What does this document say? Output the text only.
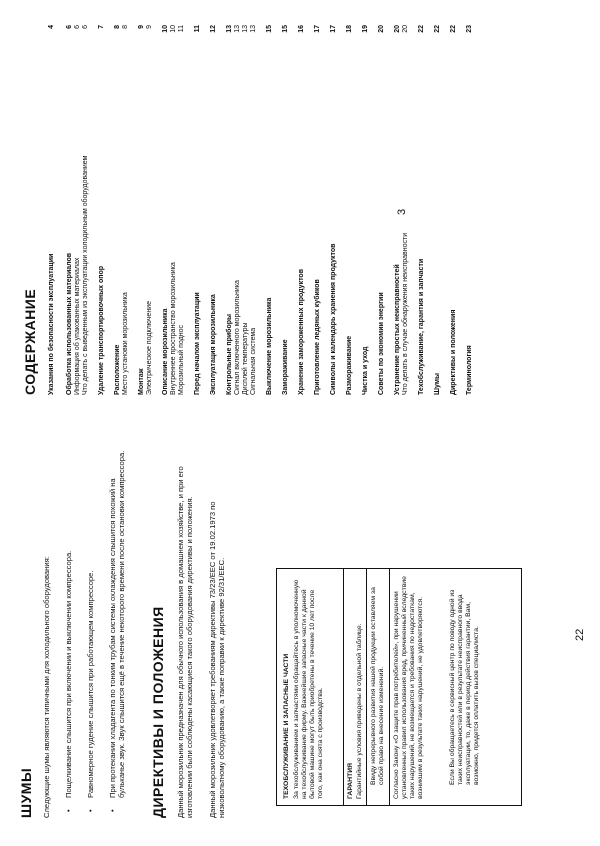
ШУМЫ Следующие шумы являются типичными для холодильного оборудования: •
Пощелкивание слышится при включении и выключении компрессора.
•
Равномерное гудение слышится при работающем компрессоре.
•
При протекании хладагента по тонким трубам системы охлаждения слышится похожий на бульканье звук. Звук слышится ещё в течение некоторого времени после остановки компрессора. ДИРЕКТИВЫ И ПОЛОЖЕНИЯ Данный морозильник предназначен для обычного использования в домашнем хозяйстве, и при его изготовлении были соблюдены касающиеся такого оборудования директивы и положения. Данный морозильник удовлетворяет требованиям директивы 73/23/EEC от 19.02.1973 по низковольтному оборудованию, а также поправки к директиве 92/31/EEC.	ТЕХОБСЛУЖИВАНИЕ И ЗАПАСНЫЕ ЧАСТИ За техобслуживанием и запчастями обращайтесь в уполномоченную на техобслуживание фирму. Важнейшие запасные части к данной бытовой машине могут быть приобретены в течение 10 лет после того, как она снята с производства.	ГАРАНТИЯ Гарантийные условия приведены в отдельной таблице. Ввиду непрерывного развития нашей продукции оставляем за собой право на внесение изменений. Согласно Закону «О защите прав потребителей», при нарушении установленных правил использования вред, причиненный вследствие таких нарушений, не возмещается и требования по недостаткам, возникшим в результате таких нарушений, не удовлетворяются.	Если Вы обращаетесь в сервисный центр по поводу одной из таких неисправностей или в результате неисправного ввода эксплуатации, то, даже в период действия гарантии, Вам, возможно, придется оплатить вызов специалиста.	22
СОДЕРЖАНИЕ Указания по безопасности эксплуатации
4
Обработка использованных материалов
6
Информация об упакованных материалах
6
Что делать с выведенным из эксплуатации холодильным оборудованием
6
Удаление транспортировочных опор
7
Расположение
8
Место установки морозильника
8
Монтаж
9
Электрическое подключение
9
Описание морозильника
10
Внутреннее пространство морозильника
10
Морозильный поднос
11
Перед началом эксплуатации
11
Эксплуатация морозильника
12
Контрольные приборы
13
Сигнал включенного морозильника
13
Дисплей температуры
13
Сигнальная система
13
Выключение морозильника
15
Замораживание
15
Хранение замороженных продуктов
16
Приготовление ледяных кубиков
17
Символы и календарь хранения продуктов
17
Размораживание
18
Чистка и уход
19
Советы по экономии энергии
20
Устранение простых неисправностей
20
Что делать в случае обнаружения неисправности
20
Техобслуживание, гарантия и запчасти
22
Шумы
22
Директивы и положения
22
Терминология
23
3
